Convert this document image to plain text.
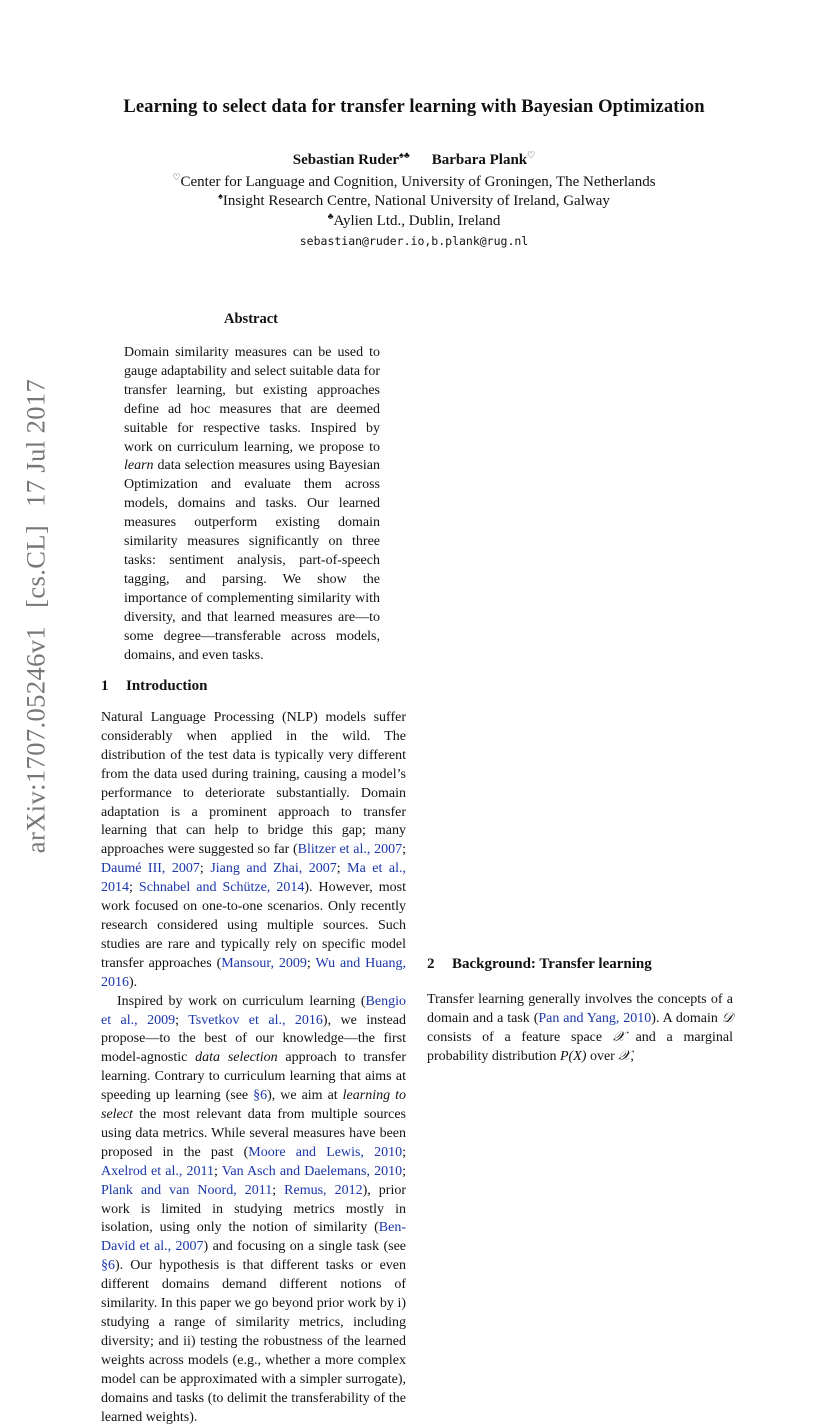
arXiv:1707.05246v1[cs.CL]17 Jul 2017
Learning to select data for transfer learning with Bayesian Optimization
Sebastian Ruder♠♣ Barbara Plank♡
♡Center for Language and Cognition, University of Groningen, The Netherlands
♠Insight Research Centre, National University of Ireland, Galway
♣Aylien Ltd., Dublin, Ireland
sebastian@ruder.io,b.plank@rug.nl
Abstract

Domain similarity measures can be used to gauge adaptability and select suitable data for transfer learning, but existing approaches define ad hoc measures that are deemed suitable for respective tasks. Inspired by work on curriculum learning, we propose to learn data selection measures using Bayesian Optimization and evaluate them across models, domains and tasks. Our learned measures outperform existing domain similarity measures significantly on three tasks: sentiment analysis, part-of-speech tagging, and parsing. We show the importance of complementing similarity with diversity, and that learned measures are—to some degree—transferable across models, domains, and even tasks.

1 Introduction

Natural Language Processing (NLP) models suffer considerably when applied in the wild. The distribution of the test data is typically very different from the data used during training, causing a model’s performance to deteriorate substantially. Domain adaptation is a prominent approach to transfer learning that can help to bridge this gap; many approaches were suggested so far (Blitzer et al., 2007; Daumé III, 2007; Jiang and Zhai, 2007; Ma et al., 2014; Schnabel and Schütze, 2014). However, most work focused on one-to-one scenarios. Only recently research considered using multiple sources. Such studies are rare and typically rely on specific model transfer approaches (Mansour, 2009; Wu and Huang, 2016).

Inspired by work on curriculum learning (Bengio et al., 2009; Tsvetkov et al., 2016), we instead propose—to the best of our knowledge—the first model-agnostic data selection approach to transfer learning. Contrary to curriculum learning that aims at speeding up learning (see §6), we aim at learning to select the most relevant data from multiple sources using data metrics. While several measures have been proposed in the past (Moore and Lewis, 2010; Axelrod et al., 2011; Van Asch and Daelemans, 2010; Plank and van Noord, 2011; Remus, 2012), prior work is limited in studying metrics mostly in isolation, using only the notion of similarity (Ben-David et al., 2007) and focusing on a single task (see §6). Our hypothesis is that different tasks or even different domains demand different notions of similarity. In this paper we go beyond prior work by i) studying a range of similarity metrics, including diversity; and ii) testing the robustness of the learned weights across models (e.g., whether a more complex model can be approximated with a simpler surrogate), domains and tasks (to delimit the transferability of the learned weights).

2 Background: Transfer learning

Transfer learning generally involves the concepts of a domain and a task (Pan and Yang, 2010). A domain 𝒟 consists of a feature space 𝒳 and a marginal probability distribution P(X) over 𝒳,
